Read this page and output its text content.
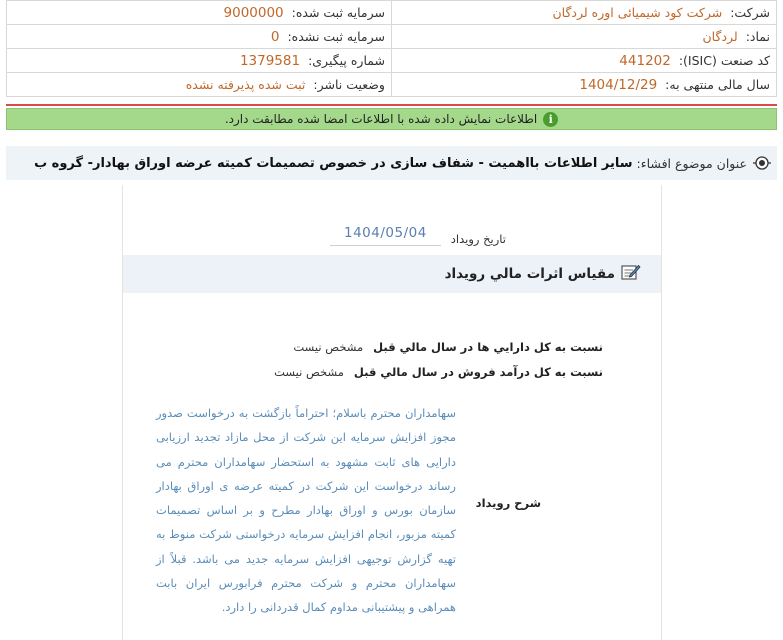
شرکت: شرکت کود شیمیائی اوره لردگان	سرمایه ثبت شده: 9000000
نماد: لردگان	سرمایه ثبت نشده: 0
کد صنعت (ISIC): 441202	شماره پیگیری: 1379581
سال مالی منتهی به: 1404/12/29	وضعیت ناشر: ثبت شده پذیرفته نشده
i
اطلاعات نمایش داده شده با اطلاعات امضا شده مطابقت دارد.
عنوان موضوع افشاء:
سایر اطلاعات بااهمیت - شفاف سازی در خصوص تصمیمات کمیته عرضه اوراق بهادار- گروه ب
تاريخ رويداد
1404/05/04
مقياس اثرات مالي رويداد
نسبت به کل دارايي ها در سال مالي قبل
مشخص نيست
نسبت به کل درآمد فروش در سال مالي قبل
مشخص نيست
شرح رويداد
سهامداران محترم باسلام؛ احتراماً بازگشت به درخواست صدور مجوز افزایش سرمایه این شرکت از محل مازاد تجدید ارزیابی دارایی های ثابت مشهود به استحضار سهامداران محترم می رساند درخواست این شرکت در کمیته عرضه ی اوراق بهادار سازمان بورس و اوراق بهادار مطرح و بر اساس تصمیمات کمیته مزبور، انجام افزایش سرمایه درخواستی شرکت منوط به تهیه گزارش توجیهی افزایش سرمایه جدید می باشد. قبلاً از سهامداران محترم و شرکت محترم فرابورس ایران بابت همراهی و پیشتیبانی مداوم کمال قدردانی را دارد.
